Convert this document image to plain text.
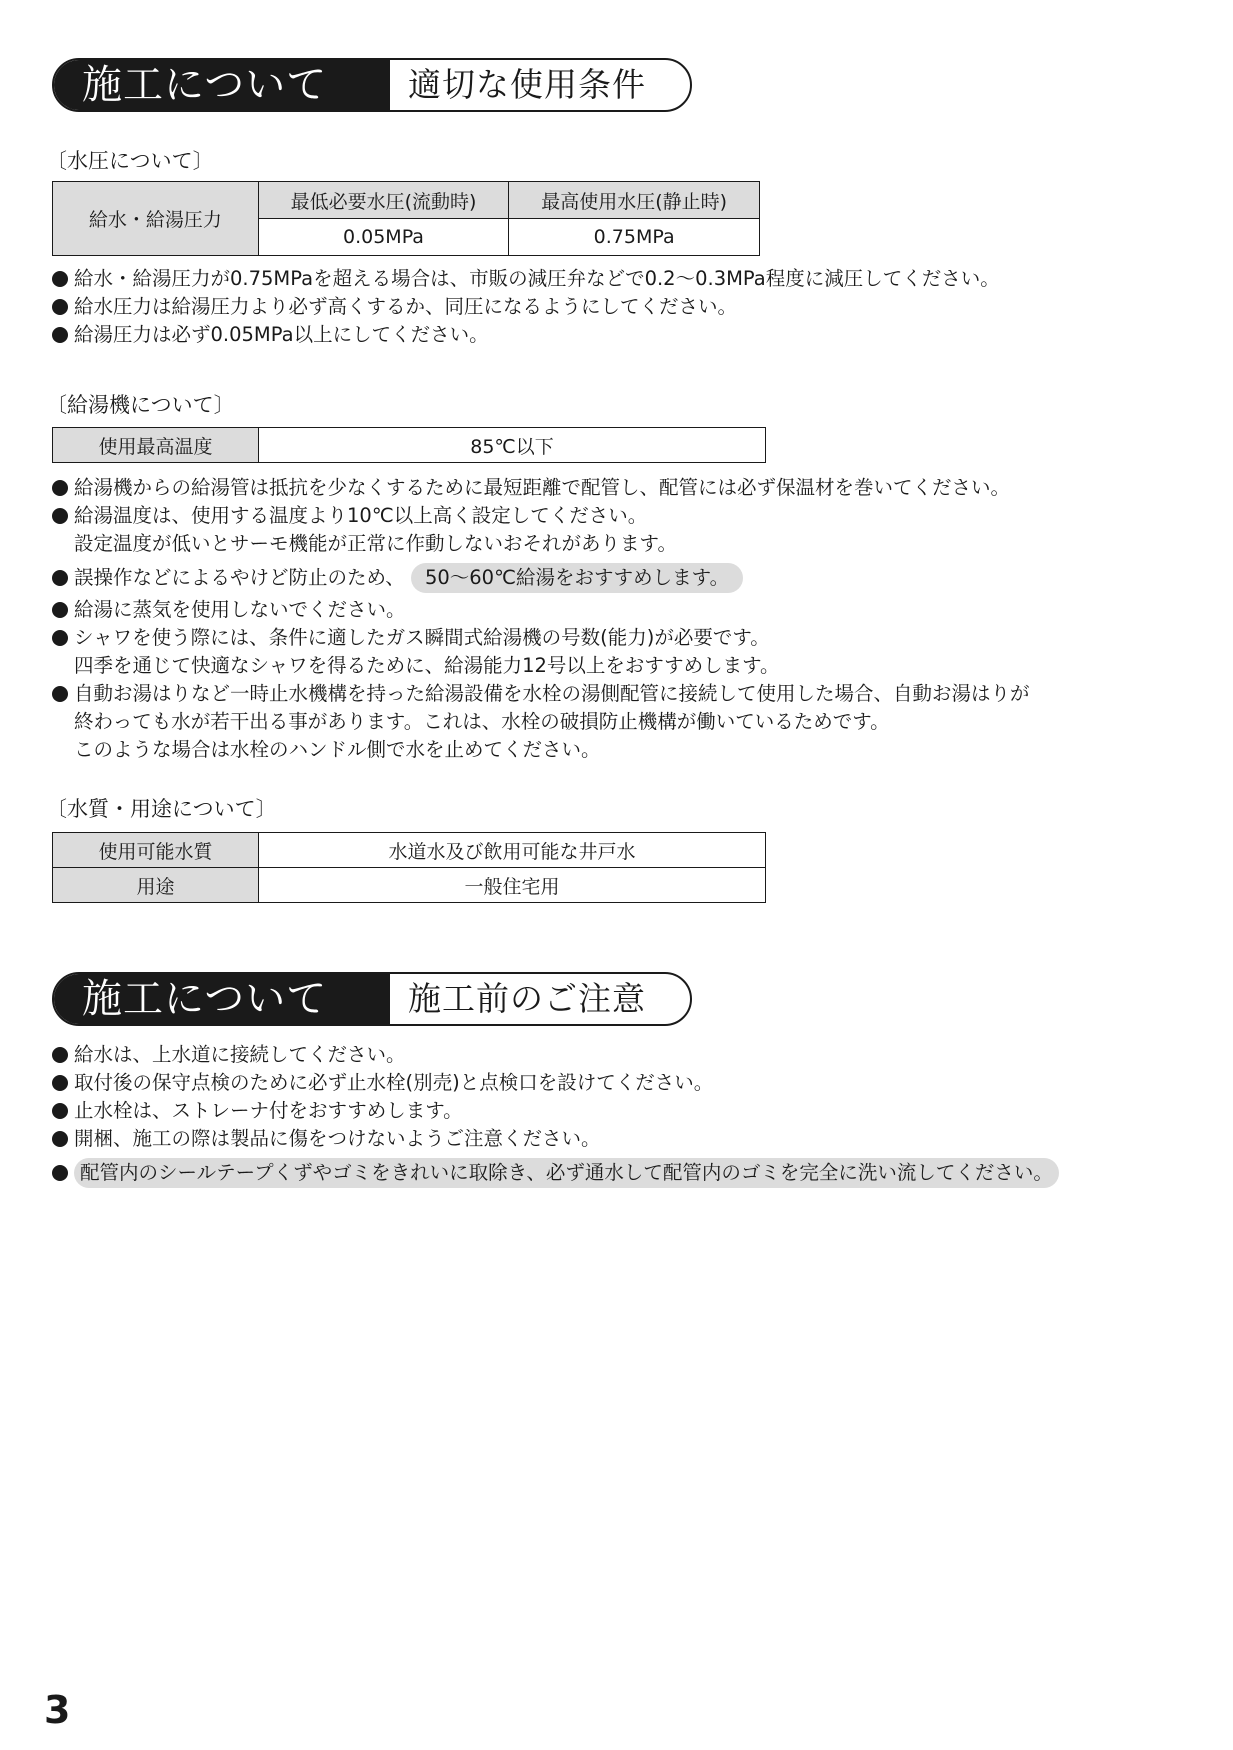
施工について	適切な使用条件
〔水圧について〕
給水・給湯圧力	最低必要水圧(流動時)	最高使用水圧(静止時)
	0.05MPa	0.75MPa
給水・給湯圧力が0.75MPaを超える場合は、市販の減圧弁などで0.2〜0.3MPa程度に減圧してください。
給水圧力は給湯圧力より必ず高くするか、同圧になるようにしてください。
給湯圧力は必ず0.05MPa以上にしてください。
〔給湯機について〕
使用最高温度	85℃以下
給湯機からの給湯管は抵抗を少なくするために最短距離で配管し、配管には必ず保温材を巻いてください。
給湯温度は、使用する温度より10℃以上高く設定してください。
設定温度が低いとサーモ機能が正常に作動しないおそれがあります。
誤操作などによるやけど防止のため、 50〜60℃給湯をおすすめします。
給湯に蒸気を使用しないでください。
シャワを使う際には、条件に適したガス瞬間式給湯機の号数(能力)が必要です。
四季を通じて快適なシャワを得るために、給湯能力12号以上をおすすめします。
自動お湯はりなど一時止水機構を持った給湯設備を水栓の湯側配管に接続して使用した場合、自動お湯はりが
終わっても水が若干出る事があります。これは、水栓の破損防止機構が働いているためです。
このような場合は水栓のハンドル側で水を止めてください。
〔水質・用途について〕
使用可能水質	水道水及び飲用可能な井戸水
用途	一般住宅用
施工について	施工前のご注意
給水は、上水道に接続してください。
取付後の保守点検のために必ず止水栓(別売)と点検口を設けてください。
止水栓は、ストレーナ付をおすすめします。
開梱、施工の際は製品に傷をつけないようご注意ください。
配管内のシールテープくずやゴミをきれいに取除き、必ず通水して配管内のゴミを完全に洗い流してください。
3
